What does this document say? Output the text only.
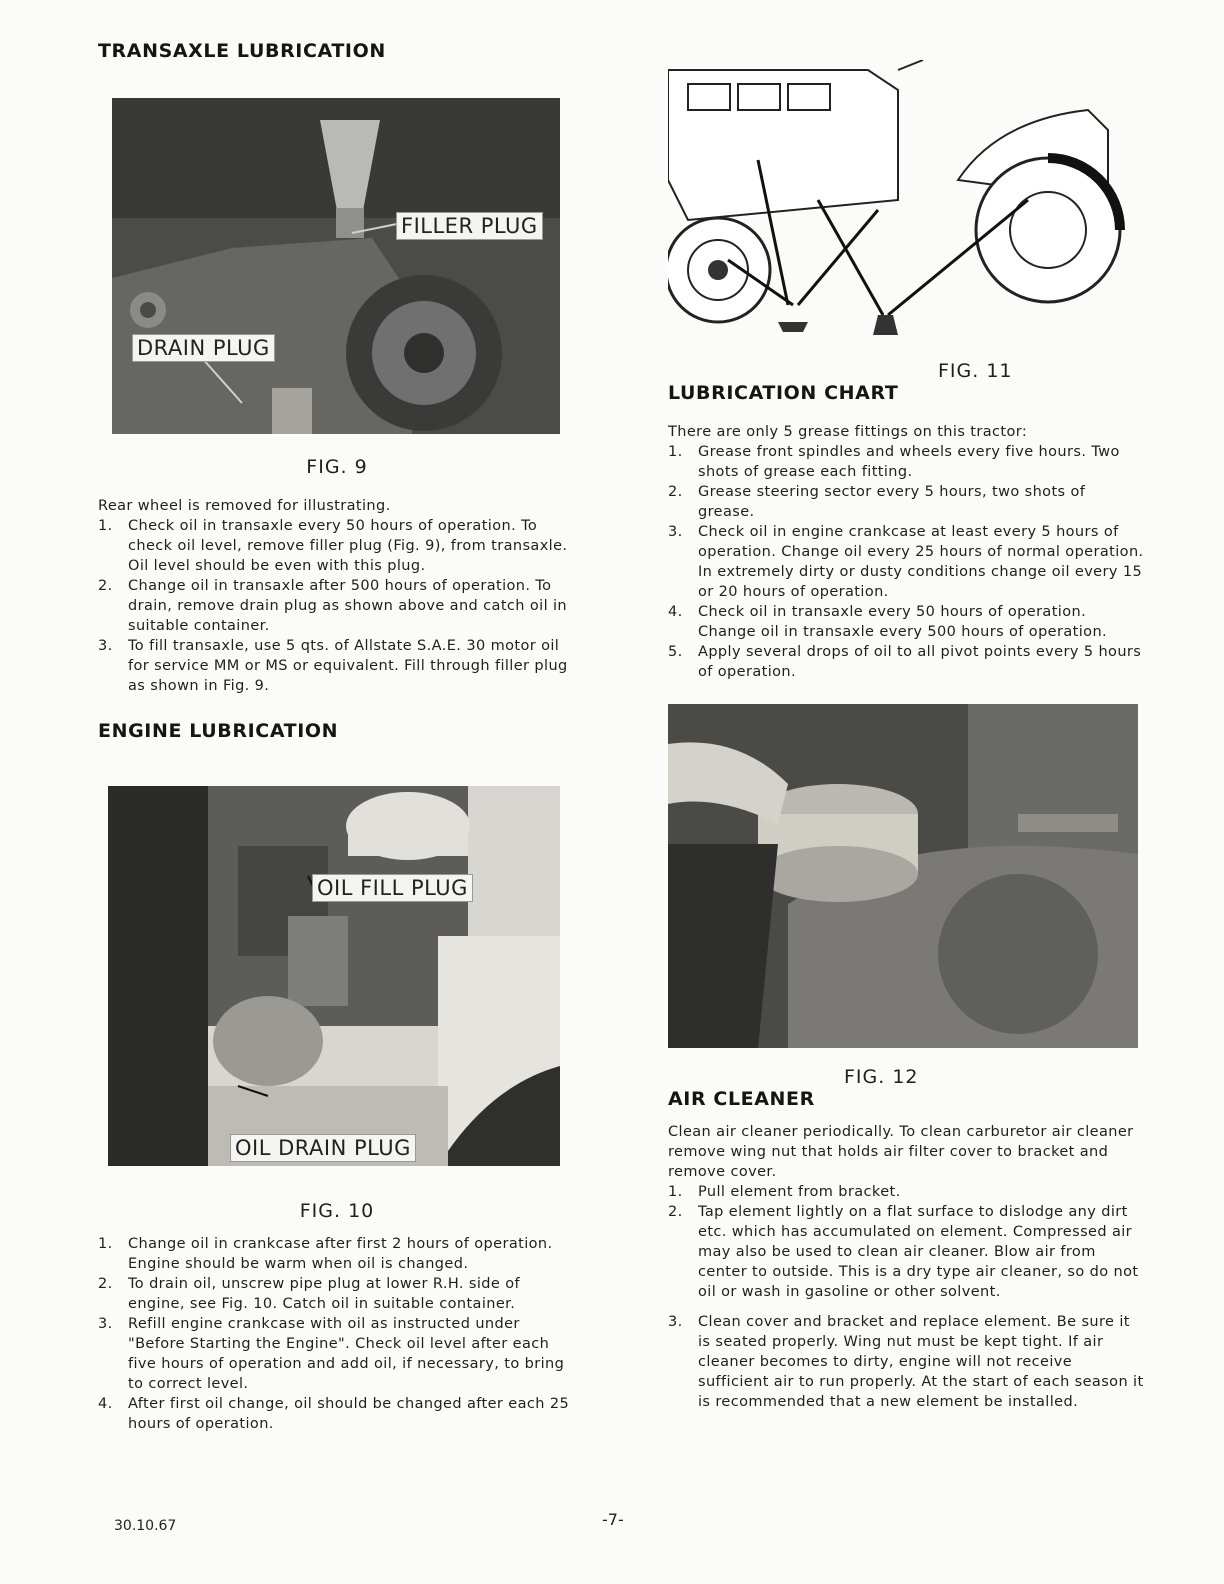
TRANSAXLE LUBRICATION
FILLER PLUG
DRAIN PLUG

FIG. 9

Rear wheel is removed for illustrating.

1. Check oil in transaxle every 50 hours of operation. To check oil level, remove filler plug (Fig. 9), from transaxle. Oil level should be even with this plug.
2. Change oil in transaxle after 500 hours of operation. To drain, remove drain plug as shown above and catch oil in suitable container.
3. To fill transaxle, use 5 qts. of Allstate S.A.E. 30 motor oil for service MM or MS or equivalent. Fill through filler plug as shown in Fig. 9.
ENGINE LUBRICATION
OIL FILL PLUG
OIL DRAIN PLUG

FIG. 10

1. Change oil in crankcase after first 2 hours of operation. Engine should be warm when oil is changed.
2. To drain oil, unscrew pipe plug at lower R.H. side of engine, see Fig. 10. Catch oil in suitable container.
3. Refill engine crankcase with oil as instructed under "Before Starting the Engine". Check oil level after each five hours of operation and add oil, if necessary, to bring to correct level.
4. After first oil change, oil should be changed after each 25 hours of operation.

FIG. 11

LUBRICATION CHART

There are only 5 grease fittings on this tractor:

1. Grease front spindles and wheels every five hours. Two shots of grease each fitting.
2. Grease steering sector every 5 hours, two shots of grease.
3. Check oil in engine crankcase at least every 5 hours of operation. Change oil every 25 hours of normal operation. In extremely dirty or dusty conditions change oil every 15 or 20 hours of operation.
4. Check oil in transaxle every 50 hours of operation. Change oil in transaxle every 500 hours of operation.
5. Apply several drops of oil to all pivot points every 5 hours of operation.

FIG. 12

AIR CLEANER

Clean air cleaner periodically. To clean carburetor air cleaner remove wing nut that holds air filter cover to bracket and remove cover.

1. Pull element from bracket.
2. Tap element lightly on a flat surface to dislodge any dirt etc. which has accumulated on element. Compressed air may also be used to clean air cleaner. Blow air from center to outside. This is a dry type air cleaner, so do not oil or wash in gasoline or other solvent.
3. Clean cover and bracket and replace element. Be sure it is seated properly. Wing nut must be kept tight. If air cleaner becomes to dirty, engine will not receive sufficient air to run properly. At the start of each season it is recommended that a new element be installed.
30.10.67	-7-
